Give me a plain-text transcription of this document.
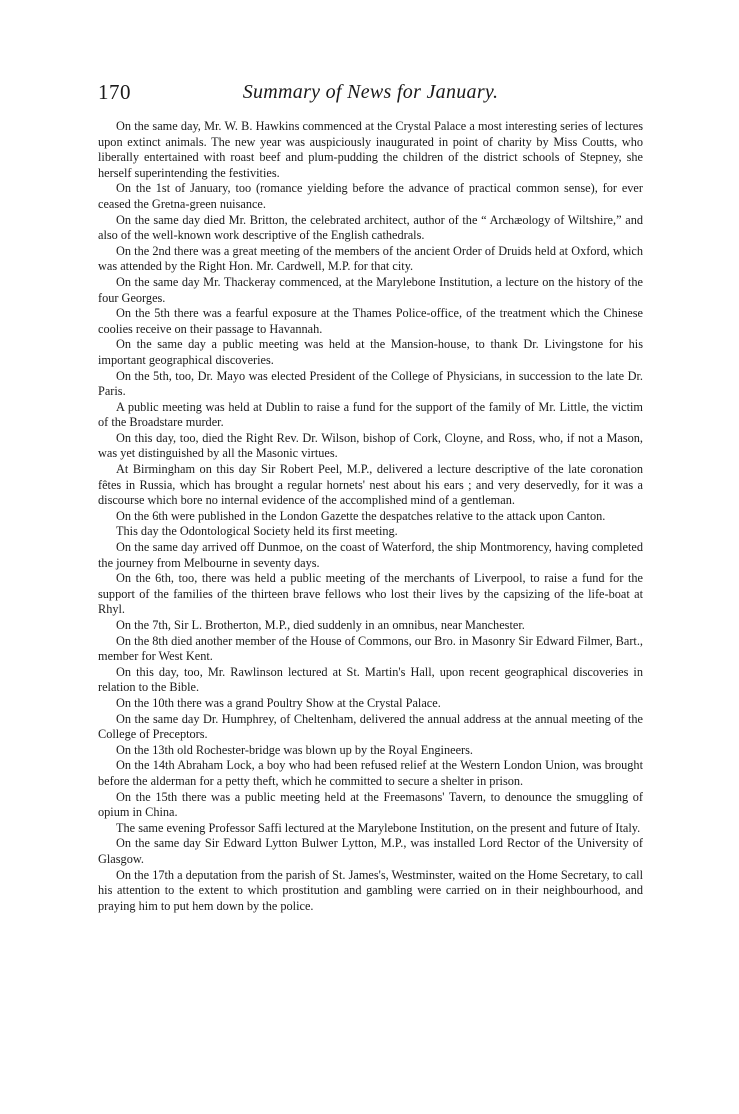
170	Summary of News for January.

On the same day, Mr. W. B. Hawkins commenced at the Crystal Palace a most interesting series of lectures upon extinct animals. The new year was auspiciously inaugurated in point of charity by Miss Coutts, who liberally entertained with roast beef and plum-pudding the children of the district schools of Stepney, she herself superintending the festivities.

On the 1st of January, too (romance yielding before the advance of practical common sense), for ever ceased the Gretna-green nuisance.

On the same day died Mr. Britton, the celebrated architect, author of the “ Archæology of Wiltshire,” and also of the well-known work descriptive of the English cathedrals.

On the 2nd there was a great meeting of the members of the ancient Order of Druids held at Oxford, which was attended by the Right Hon. Mr. Cardwell, M.P. for that city.

On the same day Mr. Thackeray commenced, at the Marylebone Institution, a lecture on the history of the four Georges.

On the 5th there was a fearful exposure at the Thames Police-office, of the treatment which the Chinese coolies receive on their passage to Havannah.

On the same day a public meeting was held at the Mansion-house, to thank Dr. Livingstone for his important geographical discoveries.

On the 5th, too, Dr. Mayo was elected President of the College of Physicians, in succession to the late Dr. Paris.

A public meeting was held at Dublin to raise a fund for the support of the family of Mr. Little, the victim of the Broadstare murder.

On this day, too, died the Right Rev. Dr. Wilson, bishop of Cork, Cloyne, and Ross, who, if not a Mason, was yet distinguished by all the Masonic virtues.

At Birmingham on this day Sir Robert Peel, M.P., delivered a lecture descriptive of the late coronation fêtes in Russia, which has brought a regular hornets' nest about his ears ; and very deservedly, for it was a discourse which bore no internal evidence of the accomplished mind of a gentleman.

On the 6th were published in the London Gazette the despatches relative to the attack upon Canton.

This day the Odontological Society held its first meeting.

On the same day arrived off Dunmoe, on the coast of Waterford, the ship Montmorency, having completed the journey from Melbourne in seventy days.

On the 6th, too, there was held a public meeting of the merchants of Liverpool, to raise a fund for the support of the families of the thirteen brave fellows who lost their lives by the capsizing of the life-boat at Rhyl.

On the 7th, Sir L. Brotherton, M.P., died suddenly in an omnibus, near Manchester.

On the 8th died another member of the House of Commons, our Bro. in Masonry Sir Edward Filmer, Bart., member for West Kent.

On this day, too, Mr. Rawlinson lectured at St. Martin's Hall, upon recent geographical discoveries in relation to the Bible.

On the 10th there was a grand Poultry Show at the Crystal Palace.

On the same day Dr. Humphrey, of Cheltenham, delivered the annual address at the annual meeting of the College of Preceptors.

On the 13th old Rochester-bridge was blown up by the Royal Engineers.

On the 14th Abraham Lock, a boy who had been refused relief at the Western London Union, was brought before the alderman for a petty theft, which he committed to secure a shelter in prison.

On the 15th there was a public meeting held at the Freemasons' Tavern, to denounce the smuggling of opium in China.

The same evening Professor Saffi lectured at the Marylebone Institution, on the present and future of Italy.

On the same day Sir Edward Lytton Bulwer Lytton, M.P., was installed Lord Rector of the University of Glasgow.

On the 17th a deputation from the parish of St. James's, Westminster, waited on the Home Secretary, to call his attention to the extent to which prostitution and gambling were carried on in their neighbourhood, and praying him to put hem down by the police.
